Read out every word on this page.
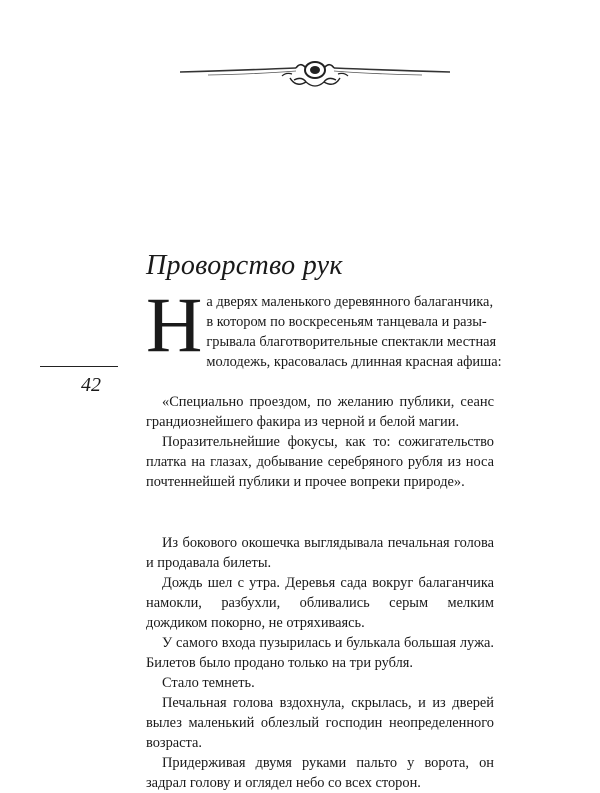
Проворство рук
42
Н а дверях маленького деревянного балаганчика,
в котором по воскресеньям танцевала и разы-
грывала благотворительные спектакли местная
молодежь, красовалась длинная красная афиша:

«Специально проездом, по желанию публики, сеанс грандиознейшего факира из черной и белой магии.

Поразительнейшие фокусы, как то: сожигательство платка на глазах, добывание серебряного рубля из носа почтеннейшей публики и прочее вопреки природе».

Из бокового окошечка выглядывала печальная голова и продавала билеты.

Дождь шел с утра. Деревья сада вокруг балаганчика намокли, разбухли, обливались серым мелким дождиком покорно, не отряхиваясь.

У самого входа пузырилась и булькала большая лужа. Билетов было продано только на три рубля.

Стало темнеть.

Печальная голова вздохнула, скрылась, и из дверей вылез маленький облезлый господин неопределенного возраста.

Придерживая двумя руками пальто у ворота, он задрал голову и оглядел небо со всех сторон.
